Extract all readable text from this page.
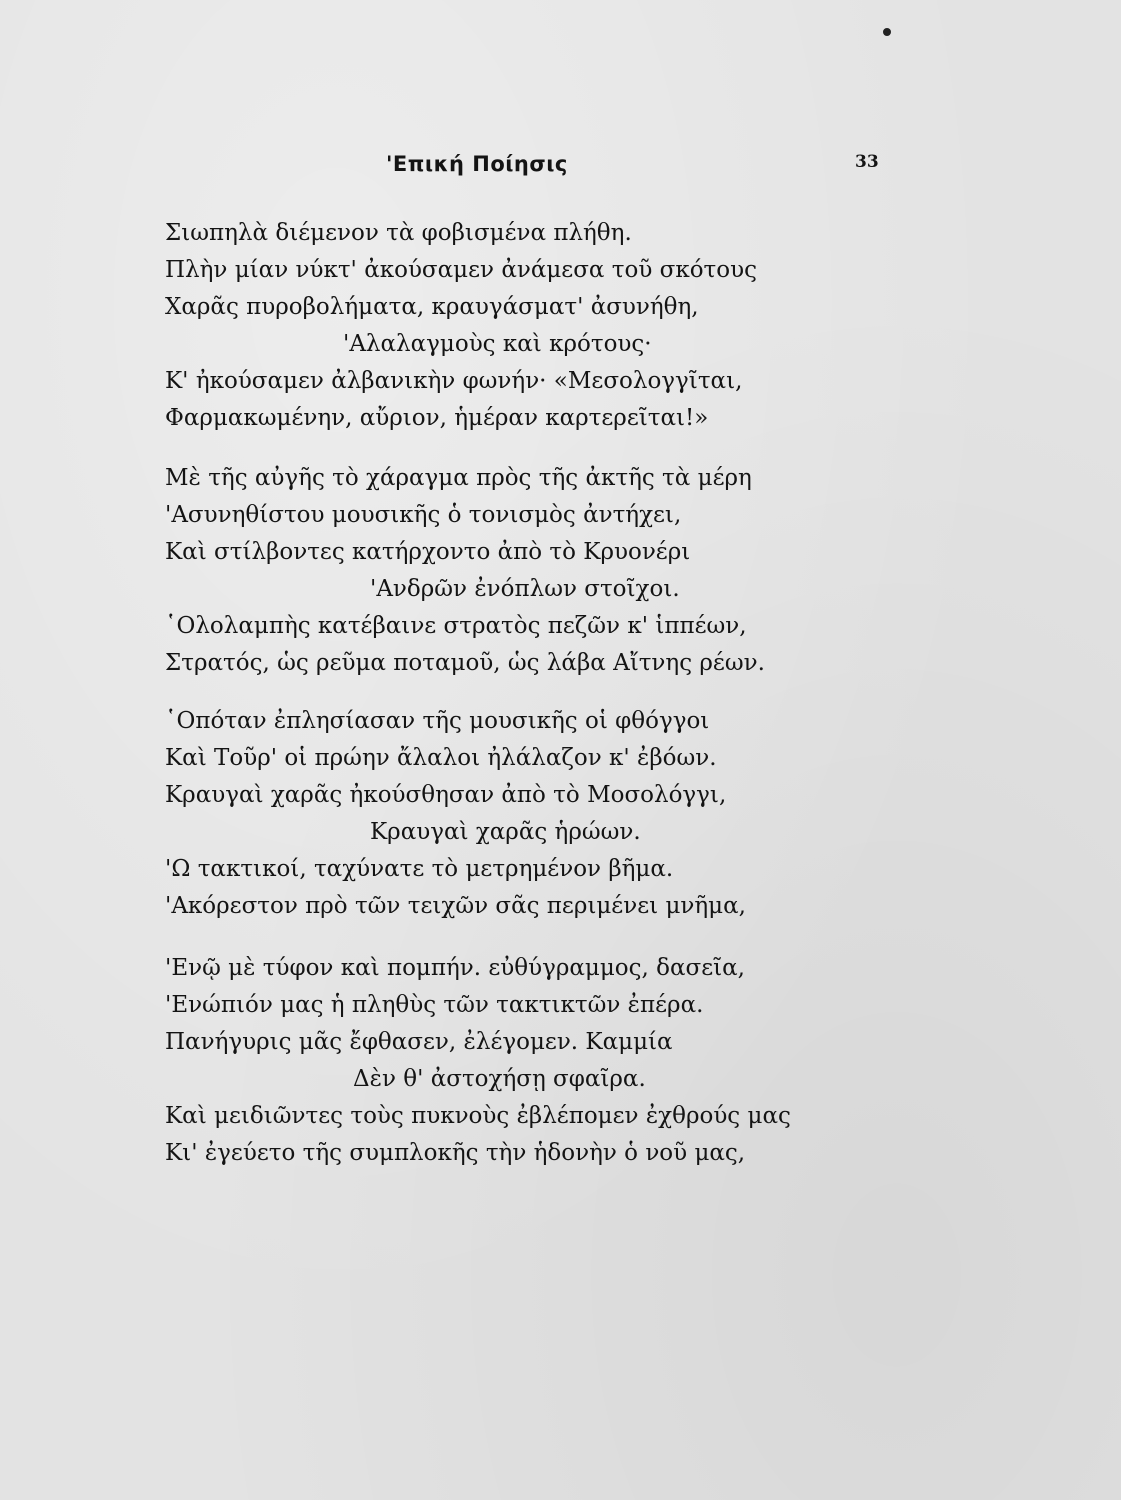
'Επική Ποίησις	33
Σιωπηλὰ διέμενον τὰ φοβισμένα πλήθη.
Πλὴν μίαν νύκτ' ἀκούσαμεν ἀνάμεσα τοῦ σκότους
Χαρᾶς πυροβολήματα, κραυγάσματ' ἀσυνήθη,
'Αλαλαγμοὺς καὶ κρότους·
Κ' ἠκούσαμεν ἀλβανικὴν φωνήν· «Μεσολογγῖται,
Φαρμακωμένην, αὔριον, ἡμέραν καρτερεῖται!»
Μὲ τῆς αὐγῆς τὸ χάραγμα πρὸς τῆς ἀκτῆς τὰ μέρη
'Ασυνηθίστου μουσικῆς ὁ τονισμὸς ἀντήχει,
Καὶ στίλβοντες κατήρχοντο ἀπὸ τὸ Κρυονέρι
'Ανδρῶν ἐνόπλων στοῖχοι.
῾Ολολαμπὴς κατέβαινε στρατὸς πεζῶν κ' ἱππέων,
Στρατός, ὡς ρεῦμα ποταμοῦ, ὡς λάβα Αἴτνης ρέων.
῾Οπόταν ἐπλησίασαν τῆς μουσικῆς οἱ φθόγγοι
Καὶ Τοῦρ' οἱ πρώην ἄλαλοι ἠλάλαζον κ' ἐβόων.
Κραυγαὶ χαρᾶς ἠκούσθησαν ἀπὸ τὸ Μοσολόγγι,
Κραυγαὶ χαρᾶς ἡρώων.
'Ω τακτικοί, ταχύνατε τὸ μετρημένον βῆμα.
'Ακόρεστον πρὸ τῶν τειχῶν σᾶς περιμένει μνῆμα,
'Ενῷ μὲ τύφον καὶ πομπήν. εὐθύγραμμος, δασεῖα,
'Ενώπιόν μας ἡ πληθὺς τῶν τακτικτῶν ἐπέρα.
Πανήγυρις μᾶς ἔφθασεν, ἐλέγομεν. Καμμία
Δὲν θ' ἀστοχήσῃ σφαῖρα.
Καὶ μειδιῶντες τοὺς πυκνοὺς ἐβλέπομεν ἐχθρούς μας
Κι' ἐγεύετο τῆς συμπλοκῆς τὴν ἡδονὴν ὁ νοῦ μας,
